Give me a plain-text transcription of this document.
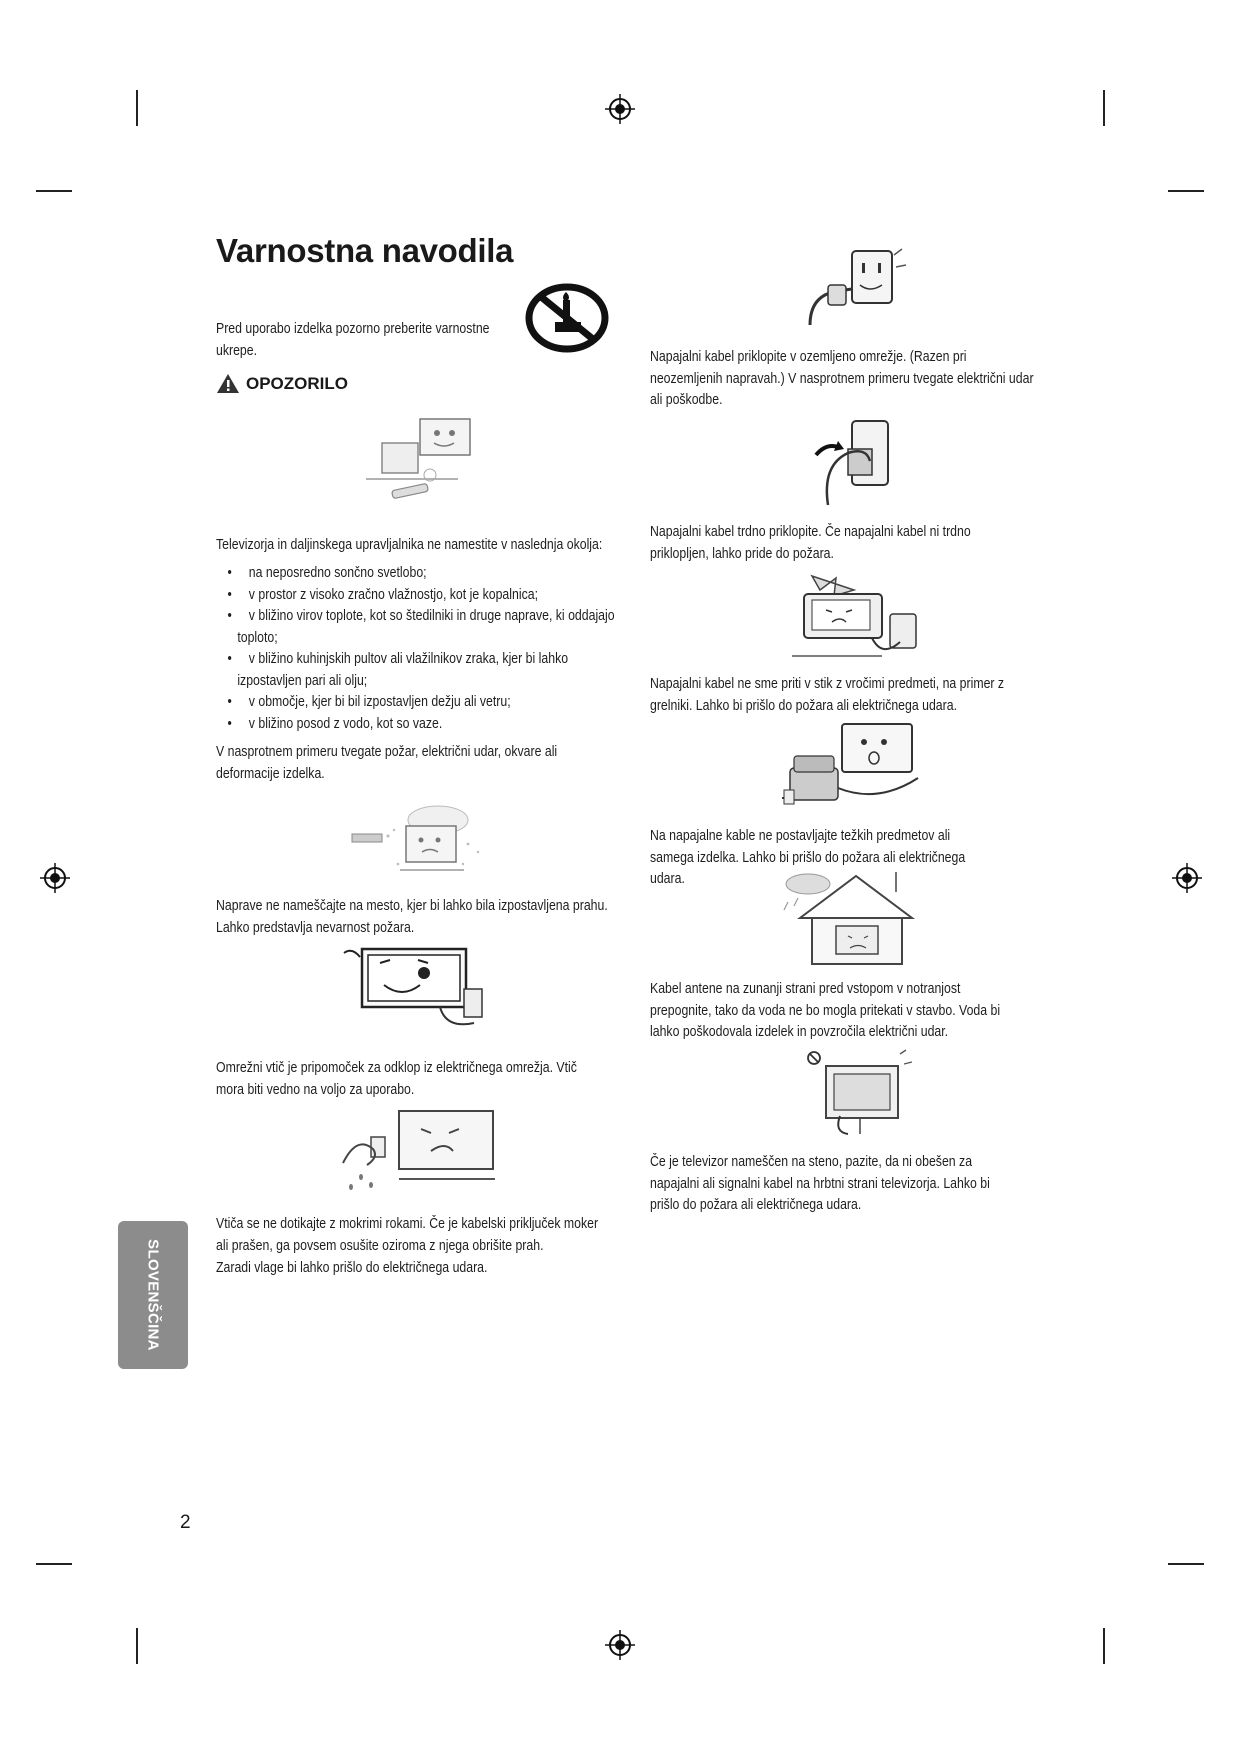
Varnostna navodila
Pred uporabo izdelka pozorno preberite varnostne ukrepe.
OPOZORILO
Televizorja in daljinskega upravljalnika ne namestite v naslednja okolja:
• na neposredno sončno svetlobo;
• v prostor z visoko zračno vlažnostjo, kot je kopalnica;
• v bližino virov toplote, kot so štedilniki in druge naprave, ki oddajajo toploto;
• v bližino kuhinjskih pultov ali vlažilnikov zraka, kjer bi lahko izpostavljen pari ali olju;
• v območje, kjer bi bil izpostavljen dežju ali vetru;
• v bližino posod z vodo, kot so vaze.
V nasprotnem primeru tvegate požar, električni udar, okvare ali deformacije izdelka.
Naprave ne nameščajte na mesto, kjer bi lahko bila izpostavljena prahu. Lahko predstavlja nevarnost požara.
Omrežni vtič je pripomoček za odklop iz električnega omrežja. Vtič mora biti vedno na voljo za uporabo.
Vtiča se ne dotikajte z mokrimi rokami. Če je kabelski priključek moker ali prašen, ga povsem osušite oziroma z njega obrišite prah.
Zaradi vlage bi lahko prišlo do električnega udara.
Napajalni kabel priklopite v ozemljeno omrežje. (Razen pri neozemljenih napravah.) V nasprotnem primeru tvegate električni udar ali poškodbe.
Napajalni kabel trdno priklopite. Če napajalni kabel ni trdno priklopljen, lahko pride do požara.
Napajalni kabel ne sme priti v stik z vročimi predmeti, na primer z grelniki. Lahko bi prišlo do požara ali električnega udara.
Na napajalne kable ne postavljajte težkih predmetov ali samega izdelka. Lahko bi prišlo do požara ali električnega udara.
Kabel antene na zunanji strani pred vstopom v notranjost prepognite, tako da voda ne bo mogla pritekati v stavbo. Voda bi lahko poškodovala izdelek in povzročila električni udar.
Če je televizor nameščen na steno, pazite, da ni obešen za napajalni ali signalni kabel na hrbtni strani televizorja. Lahko bi prišlo do požara ali električnega udara.
SLOVENŠČINA
2
